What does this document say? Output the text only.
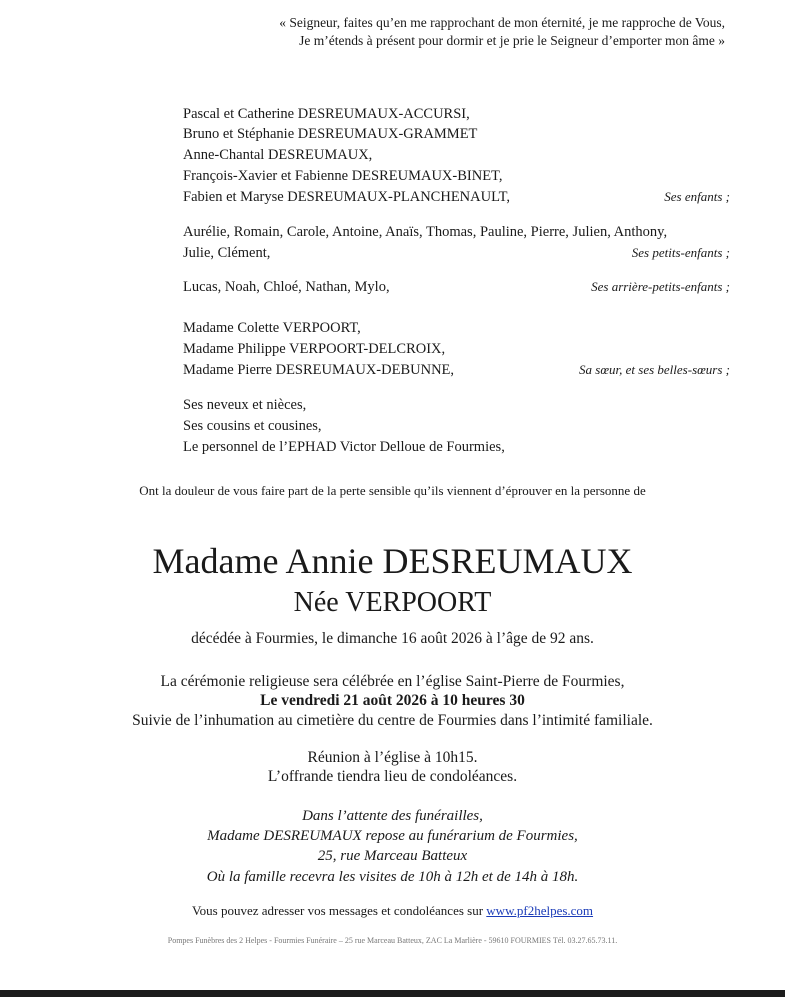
« Seigneur, faites qu’en me rapprochant de mon éternité, je me rapproche de Vous,
Je m’étends à présent pour dormir et je prie le Seigneur d’emporter mon âme »
Pascal et Catherine DESREUMAUX-ACCURSI,
Bruno et Stéphanie DESREUMAUX-GRAMMET
Anne-Chantal DESREUMAUX,
François-Xavier et Fabienne DESREUMAUX-BINET,
Fabien et Maryse DESREUMAUX-PLANCHENAULT,	Ses enfants ;
Aurélie, Romain, Carole, Antoine, Anaïs, Thomas, Pauline, Pierre, Julien, Anthony,
Julie, Clément,	Ses petits-enfants ;
Lucas, Noah, Chloé, Nathan, Mylo,	Ses arrière-petits-enfants ;
Madame Colette VERPOORT,
Madame Philippe VERPOORT-DELCROIX,
Madame Pierre DESREUMAUX-DEBUNNE,	Sa sœur, et ses belles-sœurs ;
Ses neveux et nièces,
Ses cousins et cousines,
Le personnel de l’EPHAD Victor Delloue de Fourmies,
Ont la douleur de vous faire part de la perte sensible qu’ils viennent d’éprouver en la personne de
Madame Annie DESREUMAUX
Née VERPOORT
décédée à Fourmies, le dimanche 16 août 2026 à l’âge de 92 ans.
La cérémonie religieuse sera célébrée en l’église Saint-Pierre de Fourmies,
Le vendredi 21 août 2026 à 10 heures 30
Suivie de l’inhumation au cimetière du centre de Fourmies dans l’intimité familiale.
Réunion à l’église à 10h15.
L’offrande tiendra lieu de condoléances.
Dans l’attente des funérailles,
Madame DESREUMAUX repose au funérarium de Fourmies,
25, rue Marceau Batteux
Où la famille recevra les visites de 10h à 12h et de 14h à 18h.
Vous pouvez adresser vos messages et condoléances sur www.pf2helpes.com
Pompes Funèbres des 2 Helpes - Fourmies Funéraire – 25 rue Marceau Batteux, ZAC La Marlière - 59610 FOURMIES Tél. 03.27.65.73.11.
